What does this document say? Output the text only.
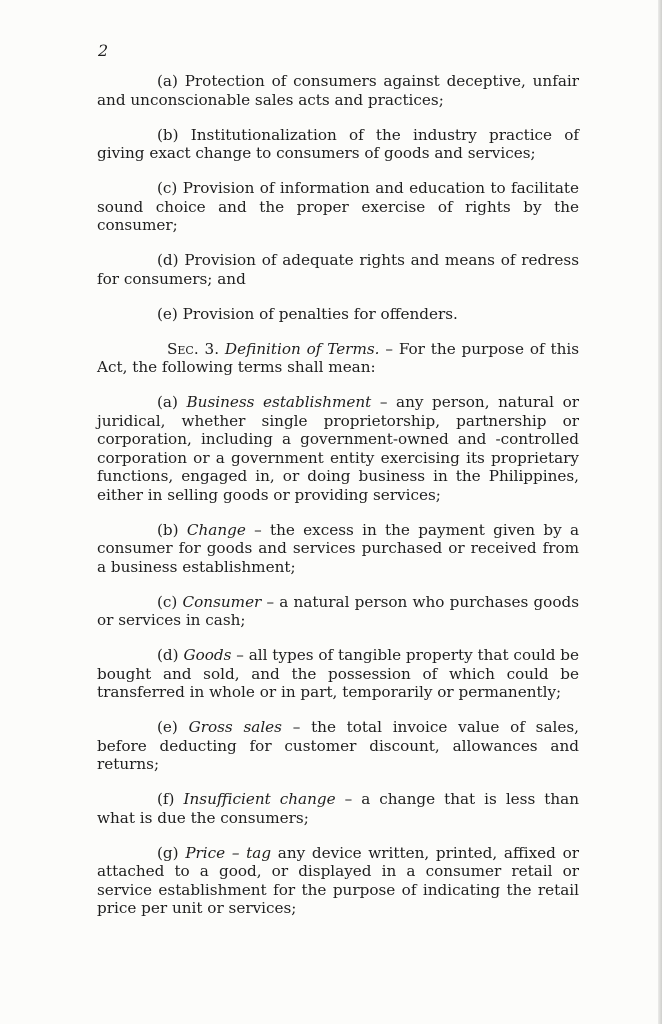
2

(a) Protection of consumers against deceptive, unfair and unconscionable sales acts and practices;

(b) Institutionalization of the industry practice of giving exact change to consumers of goods and services;

(c) Provision of information and education to facilitate sound choice and the proper exercise of rights by the consumer;

(d) Provision of adequate rights and means of redress for consumers; and

(e) Provision of penalties for offenders.

Sec. 3. Definition of Terms. – For the purpose of this Act, the following terms shall mean:

(a) Business establishment – any person, natural or juridical, whether single proprietorship, partnership or corporation, including a government-owned and -controlled corporation or a government entity exercising its proprietary functions, engaged in, or doing business in the Philippines, either in selling goods or providing services;

(b) Change – the excess in the payment given by a consumer for goods and services purchased or received from a business establishment;

(c) Consumer – a natural person who purchases goods or services in cash;

(d) Goods – all types of tangible property that could be bought and sold, and the possession of which could be transferred in whole or in part, temporarily or permanently;

(e) Gross sales – the total invoice value of sales, before deducting for customer discount, allowances and returns;

(f) Insufficient change – a change that is less than what is due the consumers;

(g) Price – tag any device written, printed, affixed or attached to a good, or displayed in a consumer retail or service establishment for the purpose of indicating the retail price per unit or services;
